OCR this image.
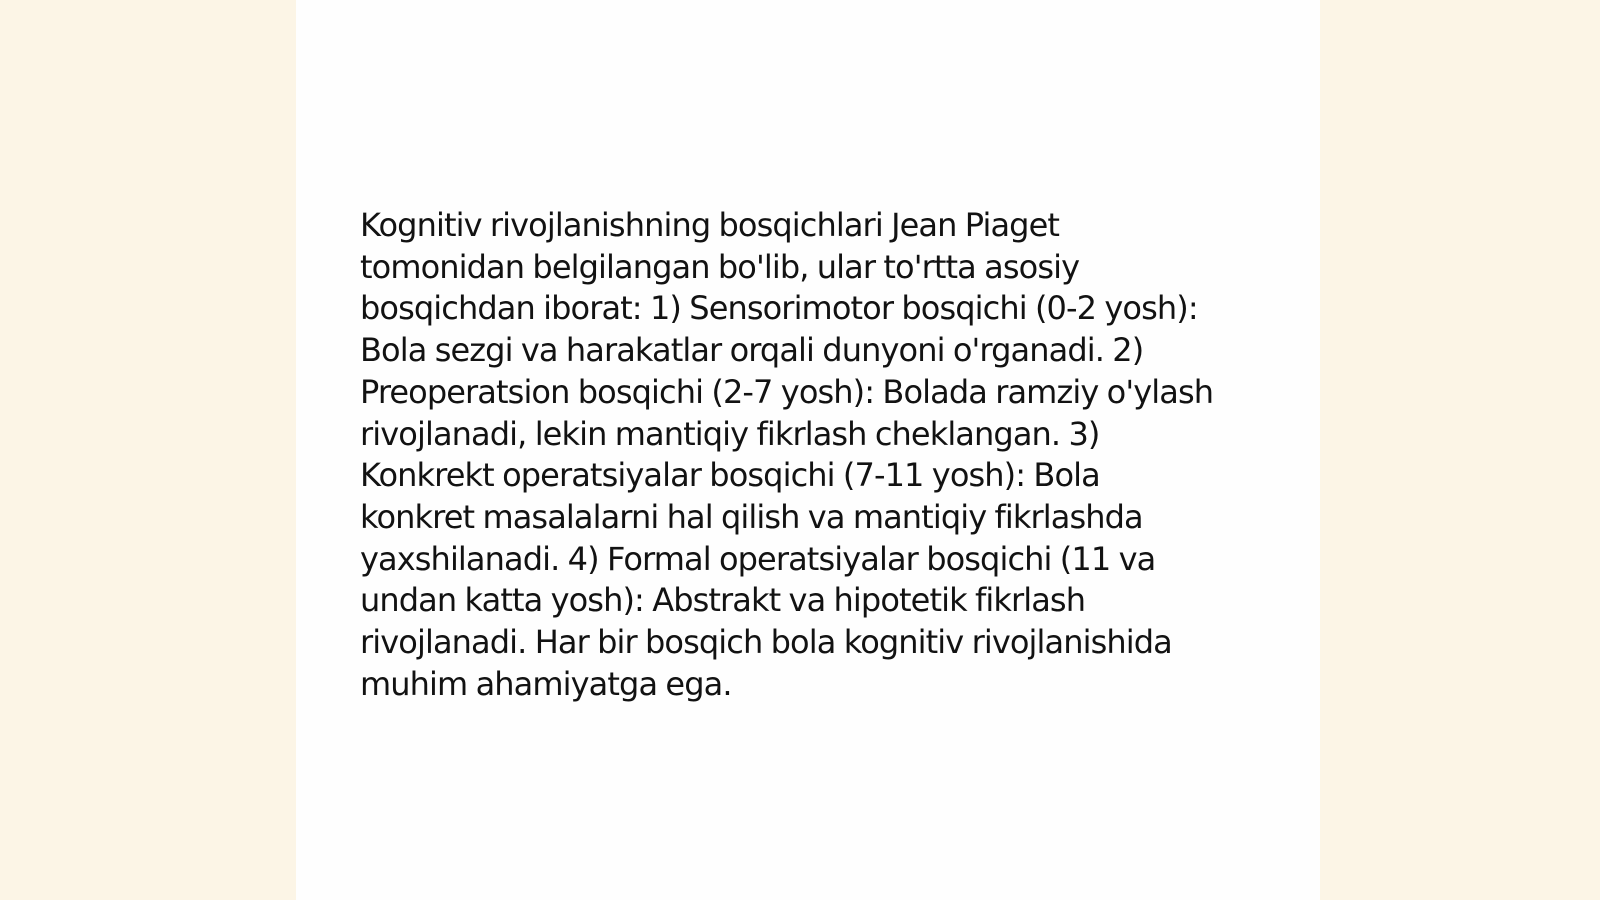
Kognitiv rivojlanishning bosqichlari Jean Piaget tomonidan belgilangan bo'lib, ular to'rtta asosiy bosqichdan iborat: 1) Sensorimotor bosqichi (0-2 yosh): Bola sezgi va harakatlar orqali dunyoni o'rganadi. 2) Preoperatsion bosqichi (2-7 yosh): Bolada ramziy o'ylash rivojlanadi, lekin mantiqiy fikrlash cheklangan. 3) Konkrekt operatsiyalar bosqichi (7-11 yosh): Bola konkret masalalarni hal qilish va mantiqiy fikrlashda yaxshilanadi. 4) Formal operatsiyalar bosqichi (11 va undan katta yosh): Abstrakt va hipotetik fikrlash rivojlanadi. Har bir bosqich bola kognitiv rivojlanishida muhim ahamiyatga ega.
